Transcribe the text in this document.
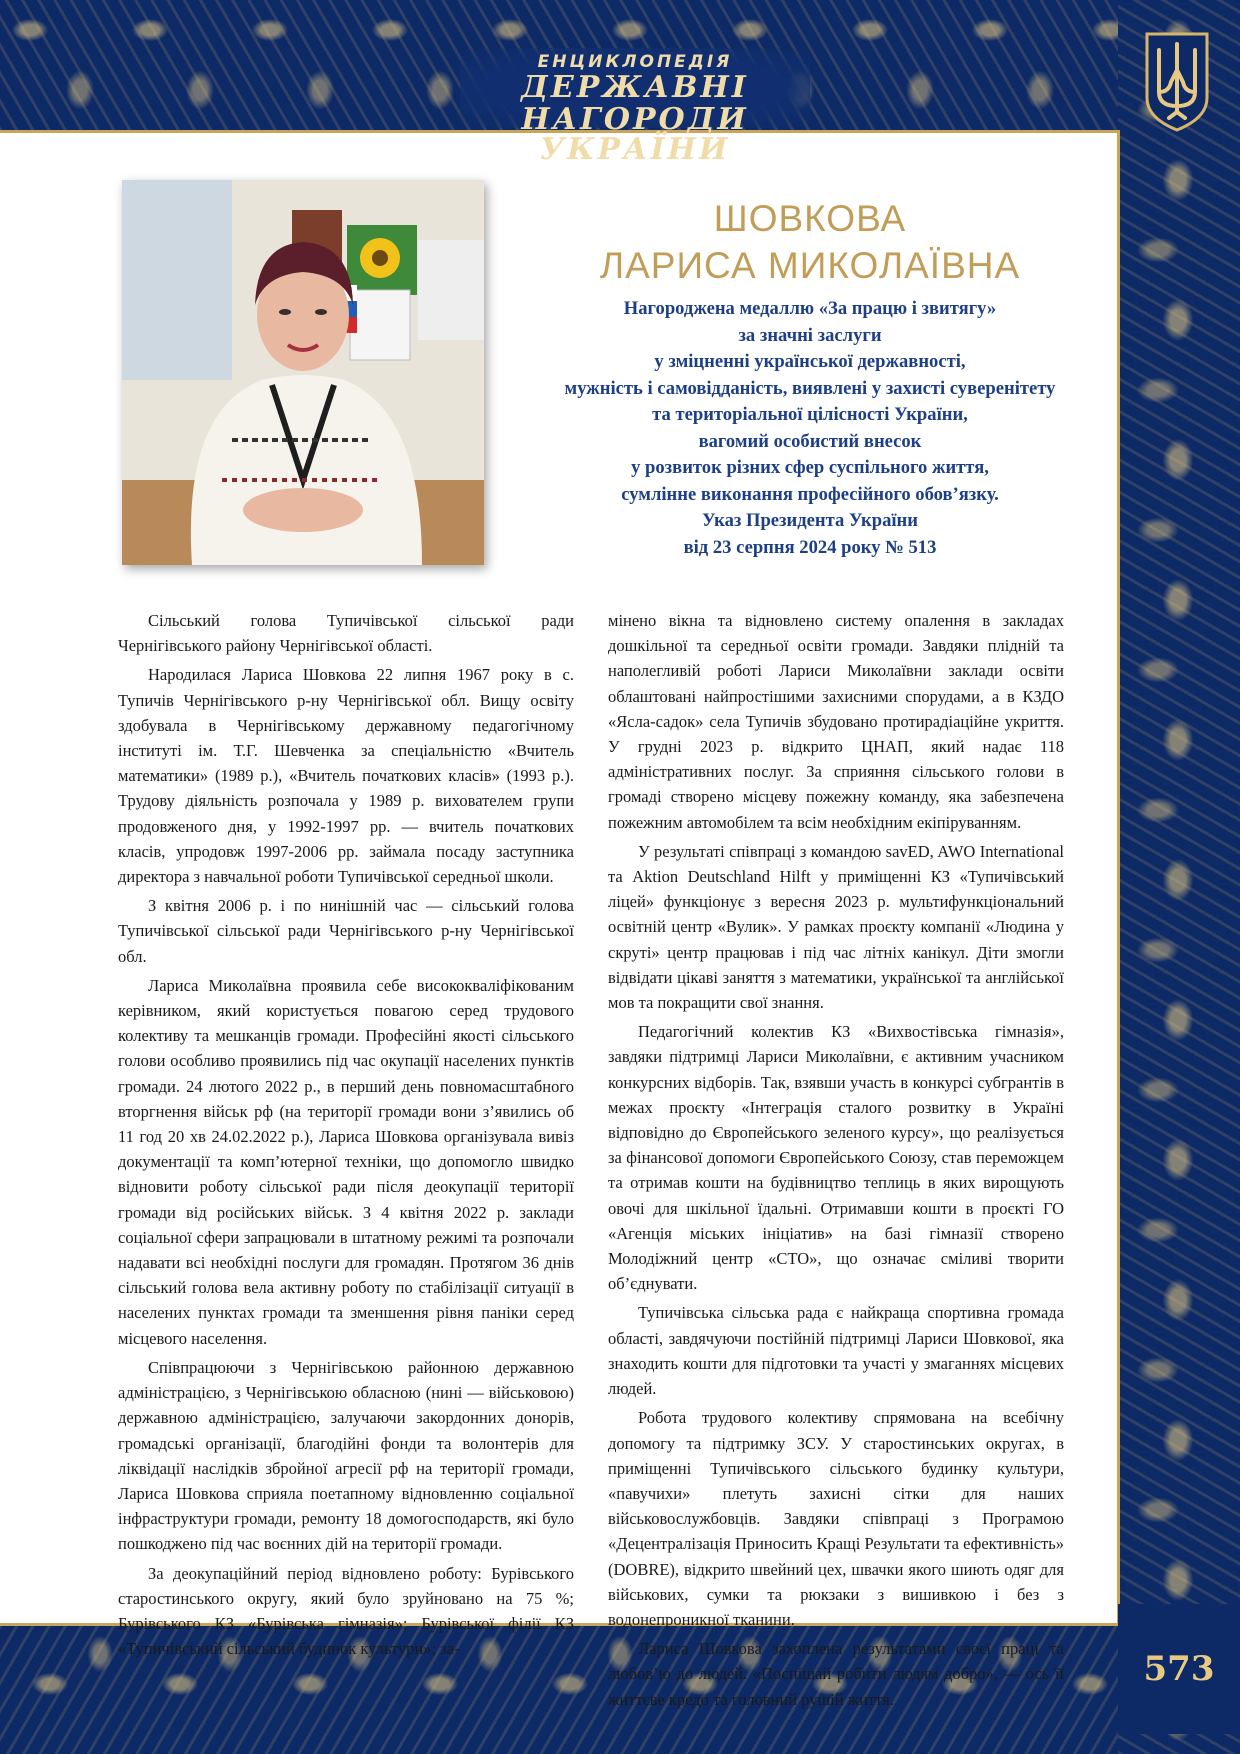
ЕНЦИКЛОПЕДІЯ
ДЕРЖАВНІ НАГОРОДИ
УКРАЇНИ
573
ШОВКОВА
ЛАРИСА МИКОЛАЇВНА
Нагороджена медаллю «За працю і звитягу»
за значні заслуги
у зміцненні української державності,
мужність і самовідданість, виявлені у захисті суверенітету
та територіальної цілісності України,
вагомий особистий внесок
у розвиток різних сфер суспільного життя,
сумлінне виконання професійного обов’язку.
Указ Президента України
від 23 серпня 2024 року № 513

Сільський голова Тупичівської сільської ради Чернігівського району Чернігівської області.

Народилася Лариса Шовкова 22 липня 1967 року в с. Тупичів Чернігівського р-ну Чернігівської обл. Вищу освіту здобувала в Чернігівському державному педагогічному інституті ім. Т.Г. Шевченка за спеціальністю «Вчитель математики» (1989 р.), «Вчитель початкових класів» (1993 р.). Трудову діяльність розпочала у 1989 р. вихователем групи продовженого дня, у 1992-1997 рр. — вчитель початкових класів, упродовж 1997-2006 рр. займала посаду заступника директора з навчальної роботи Тупичівської середньої школи.

З квітня 2006 р. і по нинішній час — сільський голова Тупичівської сільської ради Чернігівського р-ну Чернігівської обл.

Лариса Миколаївна проявила себе висококваліфікованим керівником, який користується повагою серед трудового колективу та мешканців громади. Професійні якості сільського голови особливо проявились під час окупації населених пунктів громади. 24 лютого 2022 р., в перший день повномасштабного вторгнення військ рф (на території громади вони з’явились об 11 год 20 хв 24.02.2022 р.), Лариса Шовкова організувала вивіз документації та комп’ютерної техніки, що допомогло швидко відновити роботу сільської ради після деокупації території громади від російських військ. З 4 квітня 2022 р. заклади соціальної сфери запрацювали в штатному режимі та розпочали надавати всі необхідні послуги для громадян. Протягом 36 днів сільський голова вела активну роботу по стабілізації ситуації в населених пунктах громади та зменшення рівня паніки серед місцевого населення.

Співпрацюючи з Чернігівською районною державною адміністрацією, з Чернігівською обласною (нині — військовою) державною адміністрацією, залучаючи закордонних донорів, громадські організації, благодійні фонди та волонтерів для ліквідації наслідків збройної агресії рф на території громади, Лариса Шовкова сприяла поетапному відновленню соціальної інфраструктури громади, ремонту 18 домогосподарств, які було пошкоджено під час воєнних дій на території громади.

За деокупаційний період відновлено роботу: Бурівського старостинського округу, який було зруйновано на 75 %; Бурівського КЗ «Бурівська гімназія»; Бурівської філії КЗ «Тупичівський сільський будинок культури»; за-

мінено вікна та відновлено систему опалення в закладах дошкільної та середньої освіти громади. Завдяки плідній та наполегливій роботі Лариси Миколаївни заклади освіти облаштовані найпростішими захисними спорудами, а в КЗДО «Ясла-садок» села Тупичів збудовано протирадіаційне укриття. У грудні 2023 р. відкрито ЦНАП, який надає 118 адміністративних послуг. За сприяння сільського голови в громаді створено місцеву пожежну команду, яка забезпечена пожежним автомобілем та всім необхідним екіпіруванням.

У результаті співпраці з командою savED, AWO International та Aktion Deutschland Hilft у приміщенні КЗ «Тупичівський ліцей» функціонує з вересня 2023 р. мультифункціональний освітній центр «Вулик». У рамках проєкту компанії «Людина у скруті» центр працював і під час літніх канікул. Діти змогли відвідати цікаві заняття з математики, української та англійської мов та покращити свої знання.

Педагогічний колектив КЗ «Вихвостівська гімназія», завдяки підтримці Лариси Миколаївни, є активним учасником конкурсних відборів. Так, взявши участь в конкурсі субгрантів в межах проєкту «Інтеграція сталого розвитку в Україні відповідно до Європейського зеленого курсу», що реалізується за фінансової допомоги Європейського Союзу, став переможцем та отримав кошти на будівництво теплиць в яких вирощують овочі для шкільної їдальні. Отримавши кошти в проєкті ГО «Агенція міських ініціатив» на базі гімназії створено Молодіжний центр «СТО», що означає сміливі творити об’єднувати.

Тупичівська сільська рада є найкраща спортивна громада області, завдячуючи постійній підтримці Лариси Шовкової, яка знаходить кошти для підготовки та участі у змаганнях місцевих людей.

Робота трудового колективу спрямована на всебічну допомогу та підтримку ЗСУ. У старостинських округах, в приміщенні Тупичівського сільського будинку культури, «павучихи» плетуть захисні сітки для наших військовослужбовців. Завдяки співпраці з Програмою «Децентралізація Приносить Кращі Результати та ефективність» (DOBRE), відкрито швейний цех, швачки якого шиють одяг для військових, сумки та рюкзаки з вишивкою і без з водонепроникної тканини.

Лариса Шовкова захоплена результатами своєї праці та любов’ю до людей. «Поспішай робити людям добро», — ось її життєве кредо та головний рушій життя.
